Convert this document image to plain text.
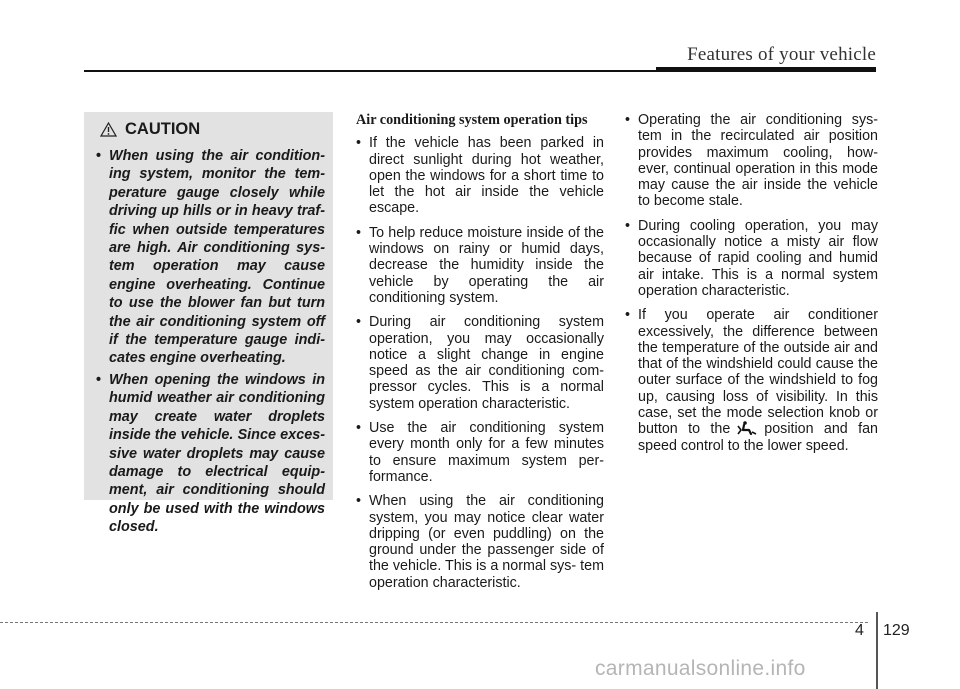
Features of your vehicle
CAUTION
• When using the air condition- ing system, monitor the tem- perature gauge closely while driving up hills or in heavy traf- fic when outside temperatures are high. Air conditioning sys- tem operation may cause engine overheating. Continue to use the blower fan but turn the air conditioning system off if the temperature gauge indi- cates engine overheating.
• When opening the windows in humid weather air conditioning may create water droplets inside the vehicle. Since exces- sive water droplets may cause damage to electrical equip- ment, air conditioning should only be used with the windows closed.
Air conditioning system operation tips
• If the vehicle has been parked in direct sunlight during hot weather, open the windows for a short time to let the hot air inside the vehicle escape.
• To help reduce moisture inside of the windows on rainy or humid days, decrease the humidity inside the vehicle by operating the air conditioning system.
• During air conditioning system operation, you may occasionally notice a slight change in engine speed as the air conditioning com- pressor cycles. This is a normal system operation characteristic.
• Use the air conditioning system every month only for a few minutes to ensure maximum system per- formance.
• When using the air conditioning system, you may notice clear water dripping (or even puddling) on the ground under the passenger side of the vehicle. This is a normal sys- tem operation characteristic.
• Operating the air conditioning sys- tem in the recirculated air position provides maximum cooling, how- ever, continual operation in this mode may cause the air inside the vehicle to become stale.
• During cooling operation, you may occasionally notice a misty air flow because of rapid cooling and humid air intake. This is a normal system operation characteristic.
• If you operate air conditioner excessively, the difference between the temperature of the outside air and that of the windshield could cause the outer surface of the windshield to fog up, causing loss of visibility. In this case, set the mode selection knob or button to the position and fan speed control to the lower speed.
4 129
carmanualsonline.info
